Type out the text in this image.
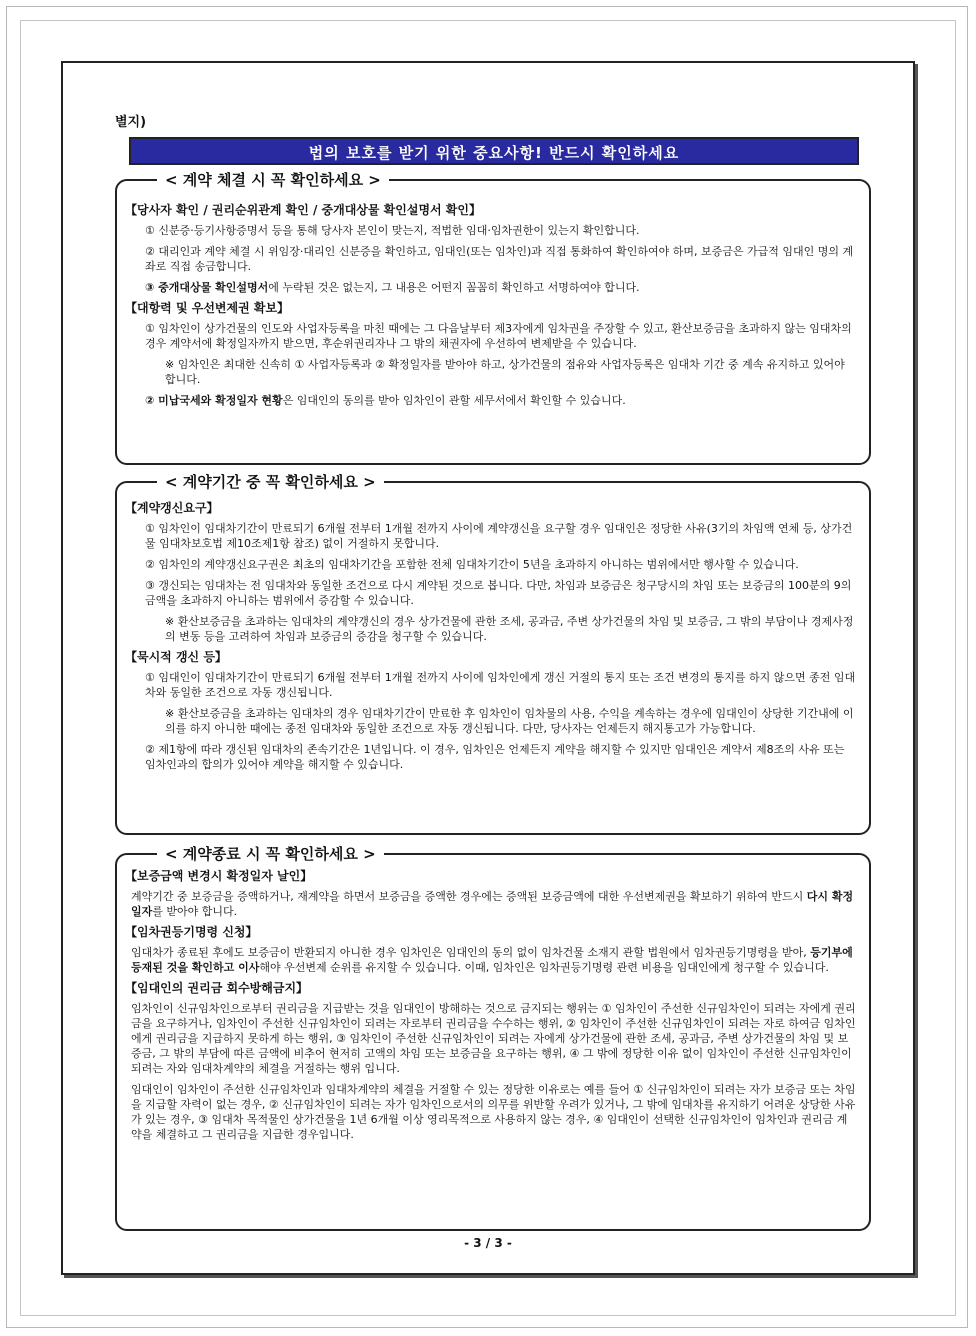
별지)
법의 보호를 받기 위한 중요사항! 반드시 확인하세요
< 계약 체결 시 꼭 확인하세요 >
【당사자 확인 / 권리순위관계 확인 / 중개대상물 확인설명서 확인】
① 신분증·등기사항증명서 등을 통해 당사자 본인이 맞는지, 적법한 임대·임차권한이 있는지 확인합니다.
② 대리인과 계약 체결 시 위임장·대리인 신분증을 확인하고, 임대인(또는 임차인)과 직접 통화하여 확인하여야 하며, 보증금은 가급적 임대인 명의 계좌로 직접 송금합니다.
③ 중개대상물 확인설명서에 누락된 것은 없는지, 그 내용은 어떤지 꼼꼼히 확인하고 서명하여야 합니다.
【대항력 및 우선변제권 확보】
① 임차인이 상가건물의 인도와 사업자등록을 마친 때에는 그 다음날부터 제3자에게 임차권을 주장할 수 있고, 환산보증금을 초과하지 않는 임대차의 경우 계약서에 확정일자까지 받으면, 후순위권리자나 그 밖의 채권자에 우선하여 변제받을 수 있습니다.
※ 임차인은 최대한 신속히 ① 사업자등록과 ② 확정일자를 받아야 하고, 상가건물의 점유와 사업자등록은 임대차 기간 중 계속 유지하고 있어야 합니다.
② 미납국세와 확정일자 현황은 임대인의 동의를 받아 임차인이 관할 세무서에서 확인할 수 있습니다.
< 계약기간 중 꼭 확인하세요 >
【계약갱신요구】
① 임차인이 임대차기간이 만료되기 6개월 전부터 1개월 전까지 사이에 계약갱신을 요구할 경우 임대인은 정당한 사유(3기의 차임액 연체 등, 상가건물 임대차보호법 제10조제1항 참조) 없이 거절하지 못합니다.
② 임차인의 계약갱신요구권은 최초의 임대차기간을 포함한 전체 임대차기간이 5년을 초과하지 아니하는 범위에서만 행사할 수 있습니다.
③ 갱신되는 임대차는 전 임대차와 동일한 조건으로 다시 계약된 것으로 봅니다. 다만, 차임과 보증금은 청구당시의 차임 또는 보증금의 100분의 9의 금액을 초과하지 아니하는 범위에서 증감할 수 있습니다.
※ 환산보증금을 초과하는 임대차의 계약갱신의 경우 상가건물에 관한 조세, 공과금, 주변 상가건물의 차임 및 보증금, 그 밖의 부담이나 경제사정의 변동 등을 고려하여 차임과 보증금의 증감을 청구할 수 있습니다.
【묵시적 갱신 등】
① 임대인이 임대차기간이 만료되기 6개월 전부터 1개월 전까지 사이에 임차인에게 갱신 거절의 통지 또는 조건 변경의 통지를 하지 않으면 종전 임대차와 동일한 조건으로 자동 갱신됩니다.
※ 환산보증금을 초과하는 임대차의 경우 임대차기간이 만료한 후 임차인이 임차물의 사용, 수익을 계속하는 경우에 임대인이 상당한 기간내에 이의를 하지 아니한 때에는 종전 임대차와 동일한 조건으로 자동 갱신됩니다. 다만, 당사자는 언제든지 해지통고가 가능합니다.
② 제1항에 따라 갱신된 임대차의 존속기간은 1년입니다. 이 경우, 임차인은 언제든지 계약을 해지할 수 있지만 임대인은 계약서 제8조의 사유 또는 임차인과의 합의가 있어야 계약을 해지할 수 있습니다.
< 계약종료 시 꼭 확인하세요 >
【보증금액 변경시 확정일자 날인】
계약기간 중 보증금을 증액하거나, 재계약을 하면서 보증금을 증액한 경우에는 증액된 보증금액에 대한 우선변제권을 확보하기 위하여 반드시 다시 확정일자를 받아야 합니다.
【임차권등기명령 신청】
임대차가 종료된 후에도 보증금이 반환되지 아니한 경우 임차인은 임대인의 동의 없이 임차건물 소재지 관할 법원에서 임차권등기명령을 받아, 등기부에 등재된 것을 확인하고 이사해야 우선변제 순위를 유지할 수 있습니다. 이때, 임차인은 임차권등기명령 관련 비용을 임대인에게 청구할 수 있습니다.
【임대인의 권리금 회수방해금지】
임차인이 신규임차인으로부터 권리금을 지급받는 것을 임대인이 방해하는 것으로 금지되는 행위는 ① 임차인이 주선한 신규임차인이 되려는 자에게 권리금을 요구하거나, 임차인이 주선한 신규임차인이 되려는 자로부터 권리금을 수수하는 행위, ② 임차인이 주선한 신규임차인이 되려는 자로 하여금 임차인에게 권리금을 지급하지 못하게 하는 행위, ③ 임차인이 주선한 신규임차인이 되려는 자에게 상가건물에 관한 조세, 공과금, 주변 상가건물의 차임 및 보증금, 그 밖의 부담에 따른 금액에 비추어 현저히 고액의 차임 또는 보증금을 요구하는 행위, ④ 그 밖에 정당한 이유 없이 임차인이 주선한 신규임차인이 되려는 자와 임대차계약의 체결을 거절하는 행위 입니다.
임대인이 임차인이 주선한 신규임차인과 임대차계약의 체결을 거절할 수 있는 정당한 이유로는 예를 들어 ① 신규임차인이 되려는 자가 보증금 또는 차임을 지급할 자력이 없는 경우, ② 신규임차인이 되려는 자가 임차인으로서의 의무를 위반할 우려가 있거나, 그 밖에 임대차를 유지하기 어려운 상당한 사유가 있는 경우, ③ 임대차 목적물인 상가건물을 1년 6개월 이상 영리목적으로 사용하지 않는 경우, ④ 임대인이 선택한 신규임차인이 임차인과 권리금 계약을 체결하고 그 권리금을 지급한 경우입니다.
- 3 / 3 -
